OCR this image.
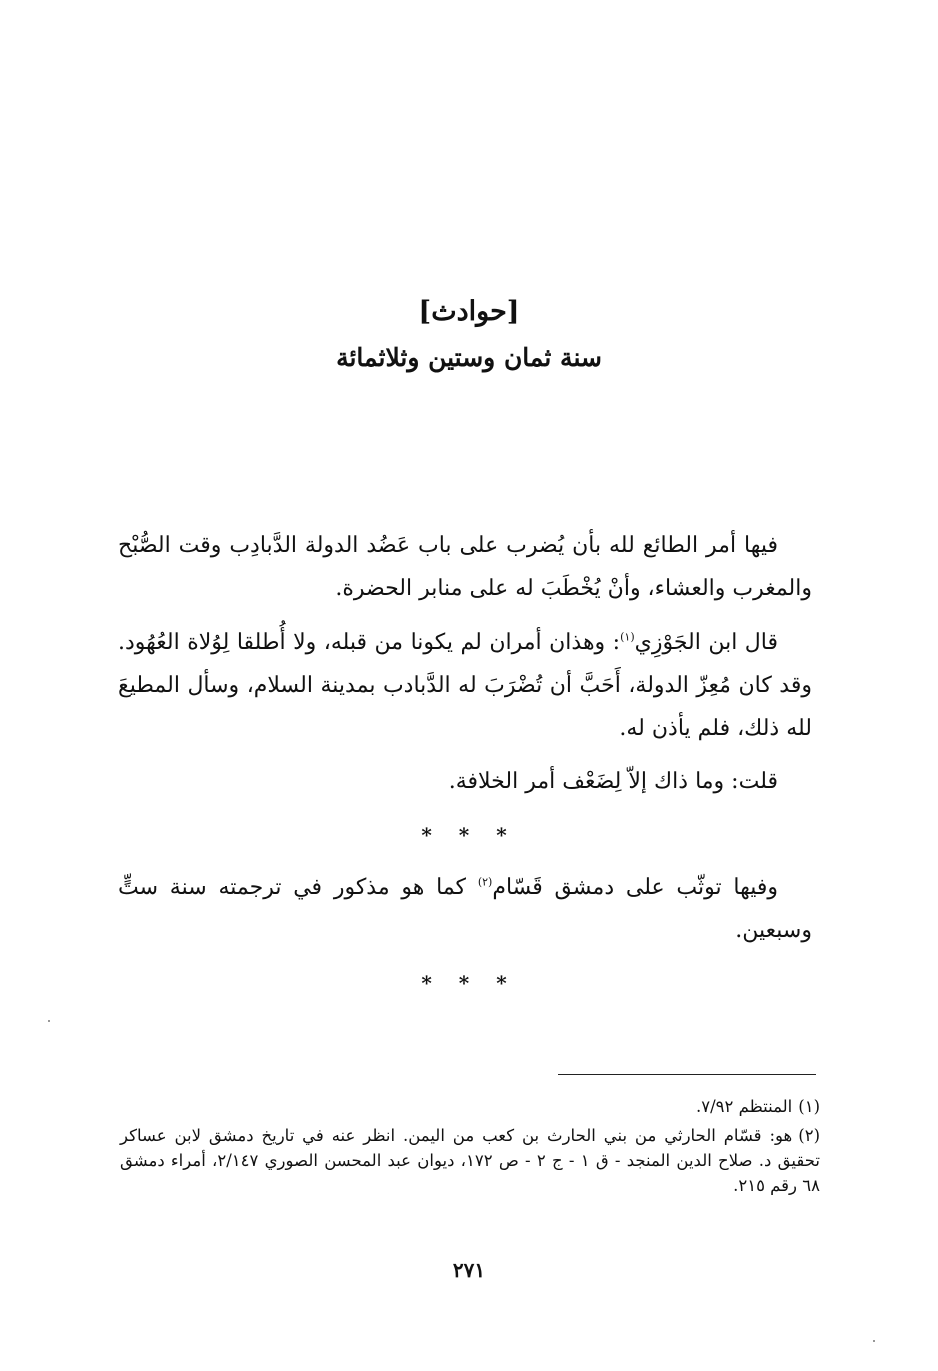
[حوادث]
سنة ثمان وستين وثلاثمائة

فيها أمر الطائع لله بأن يُضرب على باب عَضُد الدولة الدَّبادِب وقت الصُّبْح والمغرب والعشاء، وأنْ يُخْطَبَ له على منابر الحضرة.

قال ابن الجَوْزِي$^{(١)}$: وهذان أمران لم يكونا من قبله، ولا أُطلقا لِوُلاة العُهُود. وقد كان مُعِزّ الدولة، أَحَبَّ أن تُضْرَبَ له الدَّبادب بمدينة السلام، وسأل المطيعَ لله ذلك، فلم يأذن له.

قلت: وما ذاك إلاّ لِضَعْف أمر الخلافة.

* * *

وفيها توثّب على دمشق قَسّام$^{(٢)}$ كما هو مذكور في ترجمته سنة ستٍّ وسبعين.

* * *

(١)المنتظم ٧/٩٢.

(٢)هو: قسّام الحارثي من بني الحارث بن كعب من اليمن. انظر عنه في تاريخ دمشق لابن عساكر تحقيق د. صلاح الدين المنجد - ق ١ - ج ٢ - ص ١٧٢، ديوان عبد المحسن الصوري ٢/١٤٧، أمراء دمشق ٦٨ رقم ٢١٥.

٢٧١
